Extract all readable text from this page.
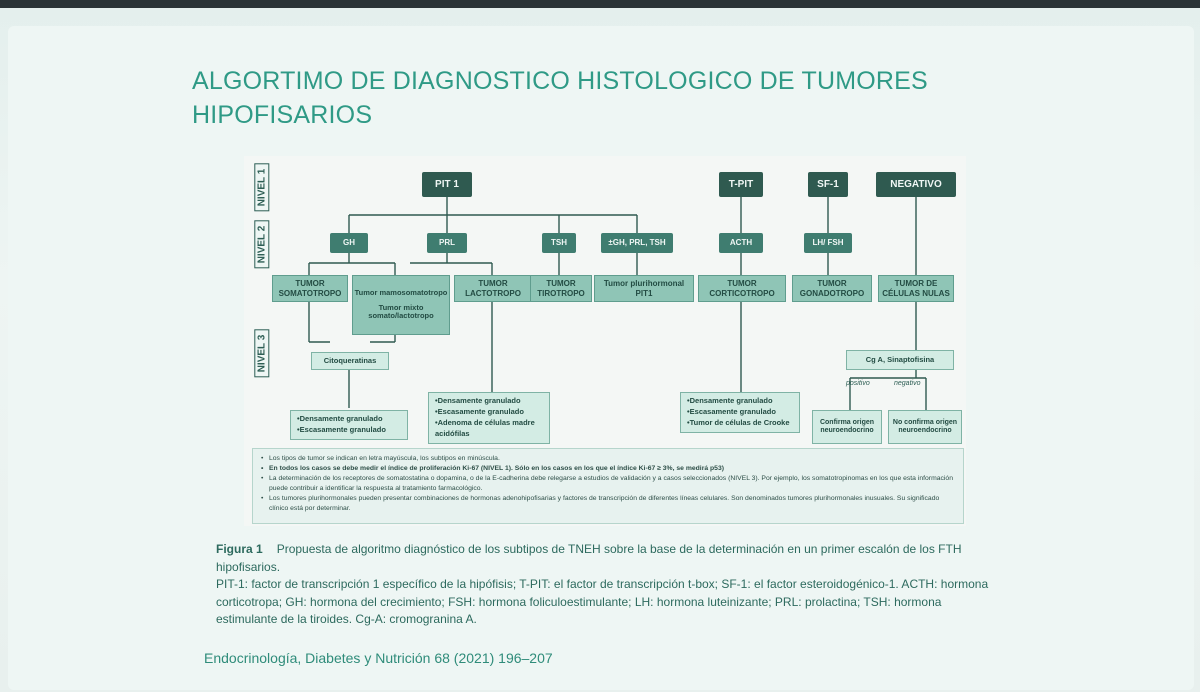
ALGORTIMO DE DIAGNOSTICO HISTOLOGICO DE TUMORES HIPOFISARIOS
NIVEL 1
NIVEL 2
NIVEL 3
PIT 1	T-PIT	SF-1	NEGATIVO
GH	PRL	TSH	±GH, PRL, TSH	ACTH	LH/ FSH
TUMOR SOMATOTROPO	Tumor mamosomatotropo
Tumor mixto somato/lactotropo
TUMOR LACTOTROPO
TUMOR TIROTROPO
Tumor plurihormonal PIT1
TUMOR CORTICOTROPO
TUMOR GONADOTROPO
TUMOR DE CÉLULAS NULAS
Citoqueratinas
• Densamente granulado
• Escasamente granulado
• Densamente granulado
• Escasamente granulado
• Adenoma de células madre acidófilas
• Densamente granulado
• Escasamente granulado
• Tumor de células de Crooke
Cg A, Sinaptofisina
positivo	negativo
Confirma origen neuroendocrino
No confirma origen neuroendocrino
• Los tipos de tumor se indican en letra mayúscula, los subtipos en minúscula.
• En todos los casos se debe medir el índice de proliferación Ki-67 (NIVEL 1). Sólo en los casos en los que el índice Ki-67 ≥ 3%, se medirá p53)
• La determinación de los receptores de somatostatina o dopamina, o de la E-cadherina debe relegarse a estudios de validación y a casos seleccionados (NIVEL 3). Por ejemplo, los somatotropinomas en los que esta información puede contribuir a identificar la respuesta al tratamiento farmacológico.
• Los tumores plurihormonales pueden presentar combinaciones de hormonas adenohipofisarias y factores de transcripción de diferentes líneas celulares. Son denominados tumores plurihormonales inusuales. Su significado clínico está por determinar.
Figura 1 Propuesta de algoritmo diagnóstico de los subtipos de TNEH sobre la base de la determinación en un primer escalón de los FTH hipofisarios.
PIT-1: factor de transcripción 1 específico de la hipófisis; T-PIT: el factor de transcripción t-box; SF-1: el factor esteroidogénico-1. ACTH: hormona corticotropa; GH: hormona del crecimiento; FSH: hormona foliculoestimulante; LH: hormona luteinizante; PRL: prolactina; TSH: hormona estimulante de la tiroides. Cg-A: cromogranina A.
Endocrinología, Diabetes y Nutrición 68 (2021) 196–207
